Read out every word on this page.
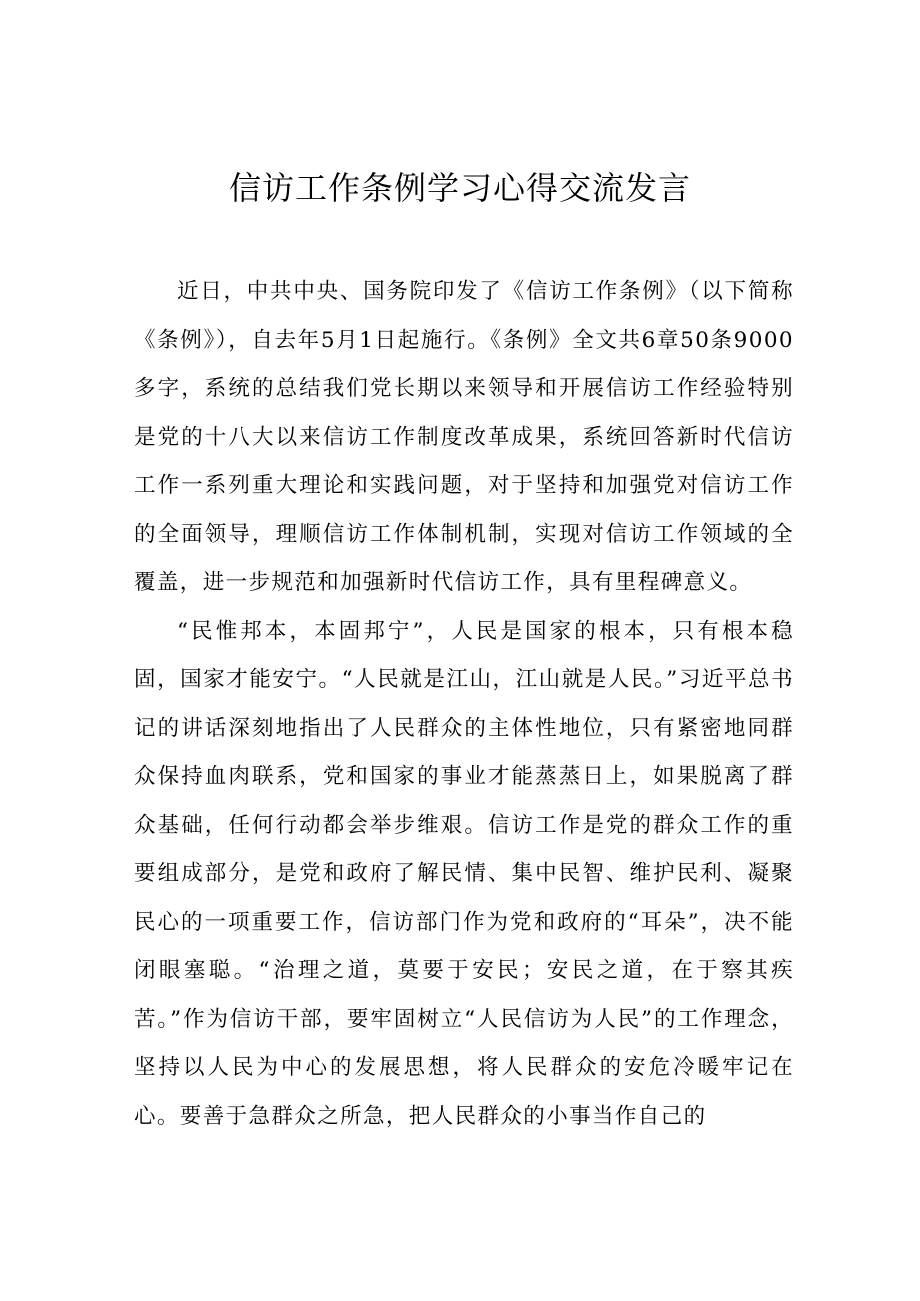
信访工作条例学习心得交流发言

近日，中共中央、国务院印发了《信访工作条例》（以下简称《条例》），自去年5月1日起施行。《条例》全文共6章50条9000多字，系统的总结我们党长期以来领导和开展信访工作经验特别是党的十八大以来信访工作制度改革成果，系统回答新时代信访工作一系列重大理论和实践问题，对于坚持和加强党对信访工作的全面领导，理顺信访工作体制机制，实现对信访工作领域的全覆盖，进一步规范和加强新时代信访工作，具有里程碑意义。

“民惟邦本，本固邦宁”，人民是国家的根本，只有根本稳固，国家才能安宁。“人民就是江山，江山就是人民。”习近平总书记的讲话深刻地指出了人民群众的主体性地位，只有紧密地同群众保持血肉联系，党和国家的事业才能蒸蒸日上，如果脱离了群众基础，任何行动都会举步维艰。信访工作是党的群众工作的重要组成部分，是党和政府了解民情、集中民智、维护民利、凝聚民心的一项重要工作，信访部门作为党和政府的“耳朵”，决不能闭眼塞聪。“治理之道，莫要于安民；安民之道，在于察其疾苦。”作为信访干部，要牢固树立“人民信访为人民”的工作理念，坚持以人民为中心的发展思想，将人民群众的安危冷暖牢记在心。要善于急群众之所急，把人民群众的小事当作自己的
